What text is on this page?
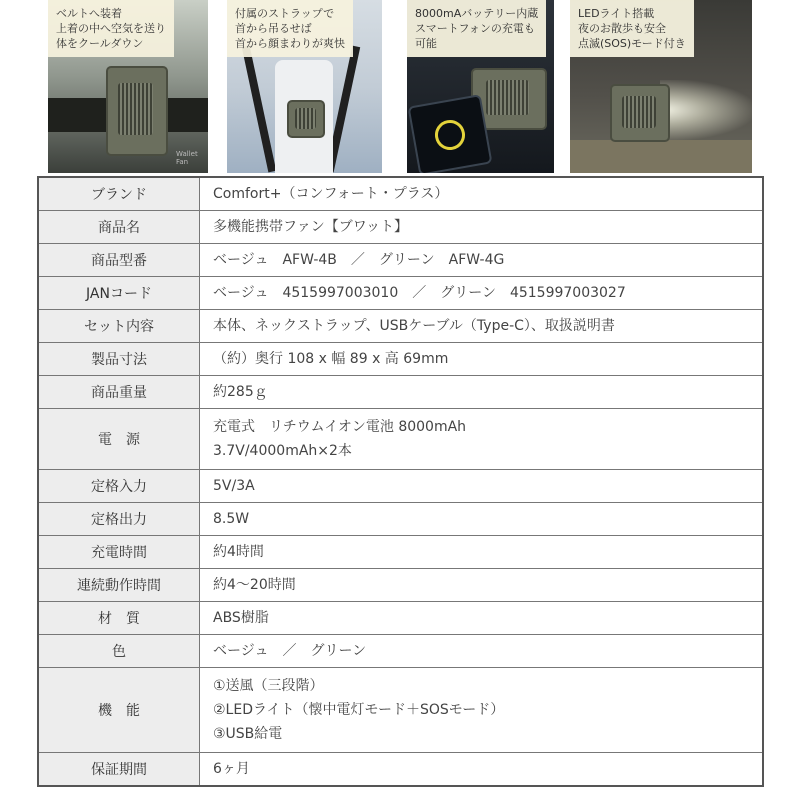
Wallet Fan
ベルトへ装着
上着の中へ空気を送り
体をクールダウン
付属のストラップで
首から吊るせば
首から顔まわりが爽快
8000mAバッテリー内蔵
スマートフォンの充電も
可能
LEDライト搭載
夜のお散歩も安全
点滅(SOS)モード付き
ブランド	Comfort+（コンフォート・プラス）

商品名	多機能携帯ファン【ブワット】

商品型番	ベージュ　AFW-4B　／　グリーン　AFW-4G

JANコード	ベージュ　4515997003010　／　グリーン　4515997003027

セット内容	本体、ネックストラップ、USBケーブル（Type-C）、取扱説明書

製品寸法	（約）奥行 108 x 幅 89 x 高 69mm

商品重量	約285ｇ

電　源	充電式　リチウムイオン電池 8000mAh
3.7V/4000mAh×2本

定格入力	5V/3A

定格出力	8.5W

充電時間	約4時間

連続動作時間	約4～20時間

材　質	ABS樹脂

色	ベージュ　／　グリーン

機　能	①送風（三段階）
②LEDライト（懐中電灯モード＋SOSモード）
③USB給電

保証期間	6ヶ月
